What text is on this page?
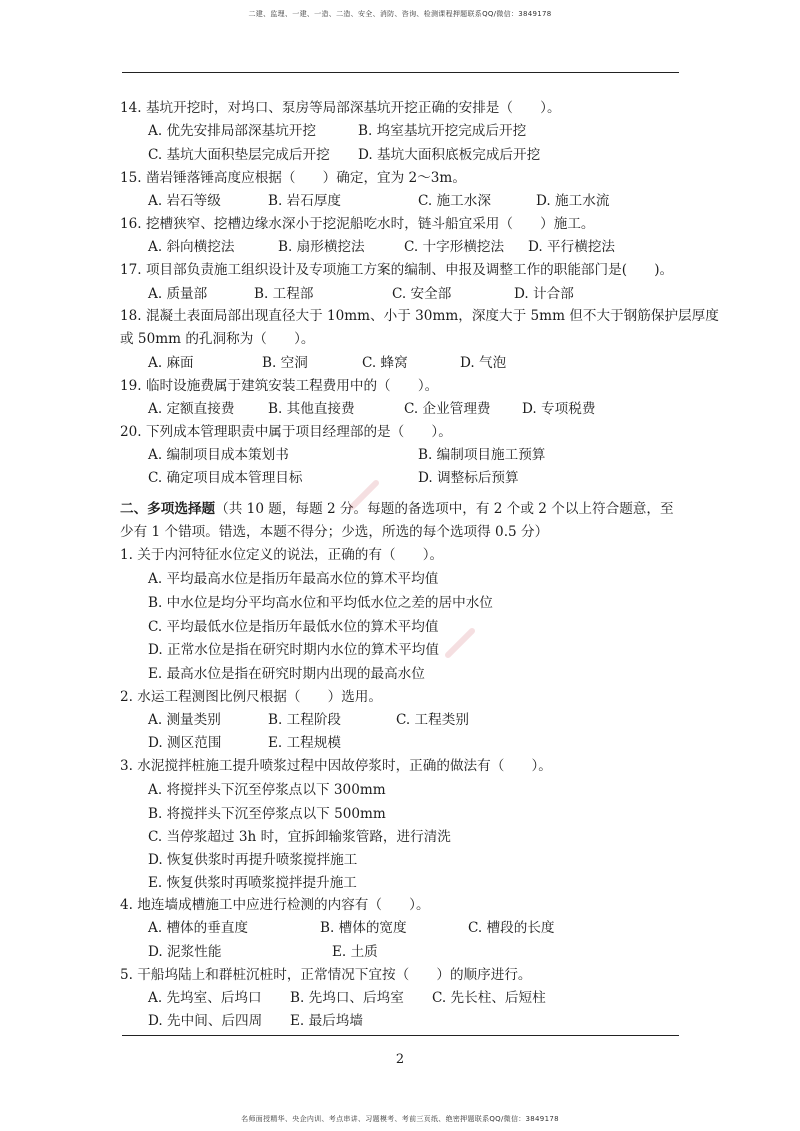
二建、监理、一建、一造、二造、安全、消防、咨询、检测课程押题联系QQ/微信：3849178
14. 基坑开挖时，对坞口、泵房等局部深基坑开挖正确的安排是（　　）。
A. 优先安排局部深基坑开挖	B. 坞室基坑开挖完成后开挖
C. 基坑大面积垫层完成后开挖 D. 基坑大面积底板完成后开挖
15. 凿岩锤落锤高度应根据（　　）确定，宜为 2～3m。
A. 岩石等级	B. 岩石厚度	C. 施工水深	D. 施工水流
16. 挖槽狭窄、挖槽边缘水深小于挖泥船吃水时，链斗船宜采用（　　）施工。
A. 斜向横挖法	B. 扇形横挖法	C. 十字形横挖法 D. 平行横挖法
17. 项目部负责施工组织设计及专项施工方案的编制、申报及调整工作的职能部门是(　　)。
A. 质量部	B. 工程部	C. 安全部	D. 计合部
18. 混凝土表面局部出现直径大于 10mm、小于 30mm，深度大于 5mm 但不大于钢筋保护层厚度
或 50mm 的孔洞称为（　　）。
A. 麻面	B. 空洞	C. 蜂窝	D. 气泡
19. 临时设施费属于建筑安装工程费用中的（　　）。
A. 定额直接费 B. 其他直接费	C. 企业管理费 D. 专项税费
20. 下列成本管理职责中属于项目经理部的是（　　）。
A. 编制项目成本策划书	B. 编制项目施工预算
C. 确定项目成本管理目标	D. 调整标后预算
二、多项选择题（共 10 题，每题 2 分。每题的备选项中，有 2 个或 2 个以上符合题意，至
少有 1 个错项。错选，本题不得分；少选，所选的每个选项得 0.5 分）
1. 关于内河特征水位定义的说法，正确的有（　　）。
A. 平均最高水位是指历年最高水位的算术平均值
B. 中水位是均分平均高水位和平均低水位之差的居中水位
C. 平均最低水位是指历年最低水位的算术平均值
D. 正常水位是指在研究时期内水位的算术平均值
E. 最高水位是指在研究时期内出现的最高水位
2. 水运工程测图比例尺根据（　　）选用。
A. 测量类别	B. 工程阶段	C. 工程类别
D. 测区范围	E. 工程规模
3. 水泥搅拌桩施工提升喷浆过程中因故停浆时，正确的做法有（　　）。
A. 将搅拌头下沉至停浆点以下 300mm
B. 将搅拌头下沉至停浆点以下 500mm
C. 当停浆超过 3h 时，宜拆卸输浆管路，进行清洗
D. 恢复供浆时再提升喷浆搅拌施工
E. 恢复供浆时再喷浆搅拌提升施工
4. 地连墙成槽施工中应进行检测的内容有（　　）。
A. 槽体的垂直度	B. 槽体的宽度	C. 槽段的长度
D. 泥浆性能	E. 土质
5. 干船坞陆上和群桩沉桩时，正常情况下宜按（　　）的顺序进行。
A. 先坞室、后坞口 B. 先坞口、后坞室 C. 先长柱、后短柱
D. 先中间、后四周 E. 最后坞墙
2
名师面授精华、央企内训、考点串讲、习题模考、考前三页纸、绝密押题联系QQ/微信：3849178
